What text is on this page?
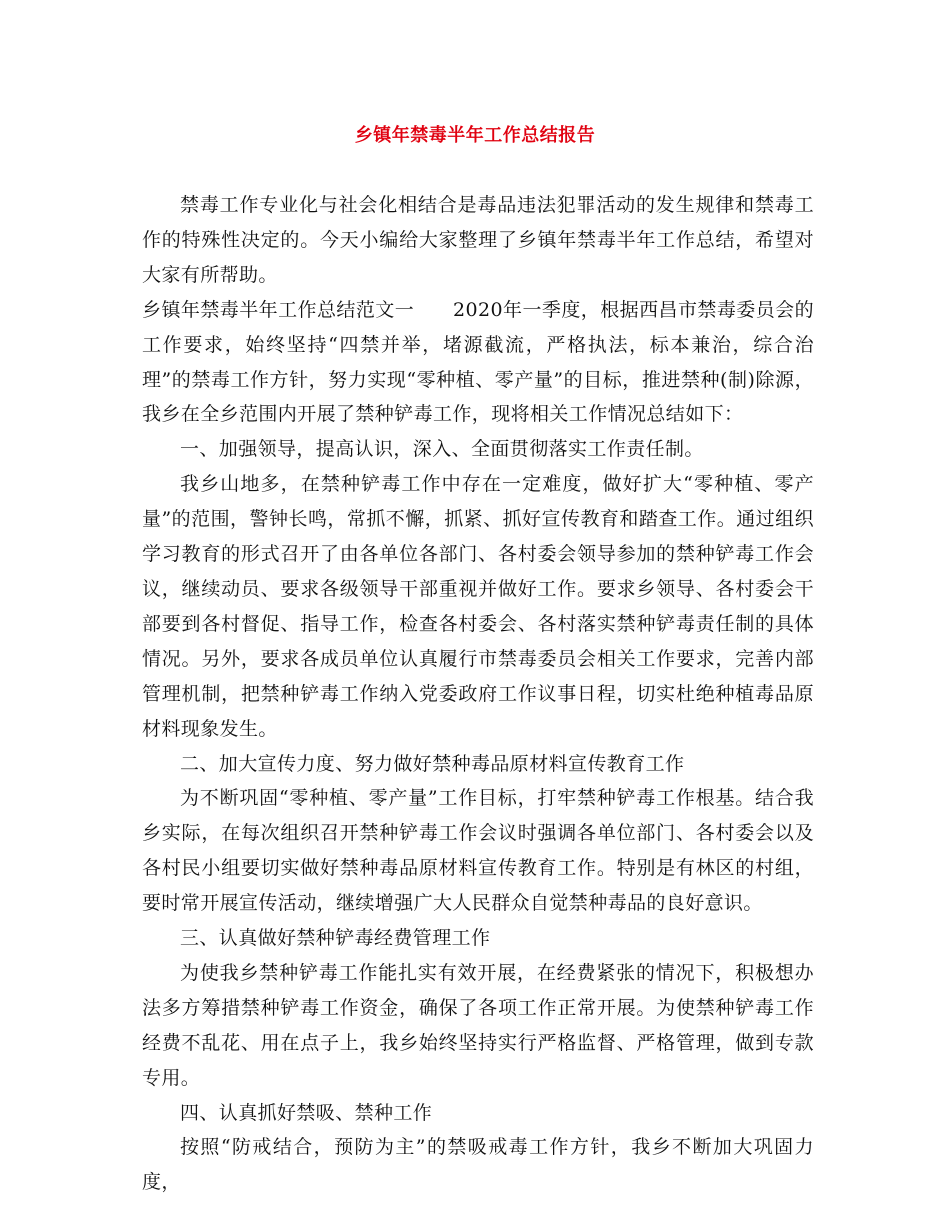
乡镇年禁毒半年工作总结报告

禁毒工作专业化与社会化相结合是毒品违法犯罪活动的发生规律和禁毒工作的特殊性决定的。今天小编给大家整理了乡镇年禁毒半年工作总结，希望对大家有所帮助。

乡镇年禁毒半年工作总结范文一　　2020年一季度，根据西昌市禁毒委员会的工作要求，始终坚持“四禁并举，堵源截流，严格执法，标本兼治，综合治理”的禁毒工作方针，努力实现“零种植、零产量”的目标，推进禁种(制)除源，我乡在全乡范围内开展了禁种铲毒工作，现将相关工作情况总结如下：

一、加强领导，提高认识，深入、全面贯彻落实工作责任制。

我乡山地多，在禁种铲毒工作中存在一定难度，做好扩大“零种植、零产量”的范围，警钟长鸣，常抓不懈，抓紧、抓好宣传教育和踏查工作。通过组织学习教育的形式召开了由各单位各部门、各村委会领导参加的禁种铲毒工作会议，继续动员、要求各级领导干部重视并做好工作。要求乡领导、各村委会干部要到各村督促、指导工作，检查各村委会、各村落实禁种铲毒责任制的具体情况。另外，要求各成员单位认真履行市禁毒委员会相关工作要求，完善内部管理机制，把禁种铲毒工作纳入党委政府工作议事日程，切实杜绝种植毒品原材料现象发生。

二、加大宣传力度、努力做好禁种毒品原材料宣传教育工作

为不断巩固“零种植、零产量”工作目标，打牢禁种铲毒工作根基。结合我乡实际，在每次组织召开禁种铲毒工作会议时强调各单位部门、各村委会以及各村民小组要切实做好禁种毒品原材料宣传教育工作。特别是有林区的村组，要时常开展宣传活动，继续增强广大人民群众自觉禁种毒品的良好意识。

三、认真做好禁种铲毒经费管理工作

为使我乡禁种铲毒工作能扎实有效开展，在经费紧张的情况下，积极想办法多方筹措禁种铲毒工作资金，确保了各项工作正常开展。为使禁种铲毒工作经费不乱花、用在点子上，我乡始终坚持实行严格监督、严格管理，做到专款专用。

四、认真抓好禁吸、禁种工作

按照“防戒结合，预防为主”的禁吸戒毒工作方针，我乡不断加大巩固力度，
